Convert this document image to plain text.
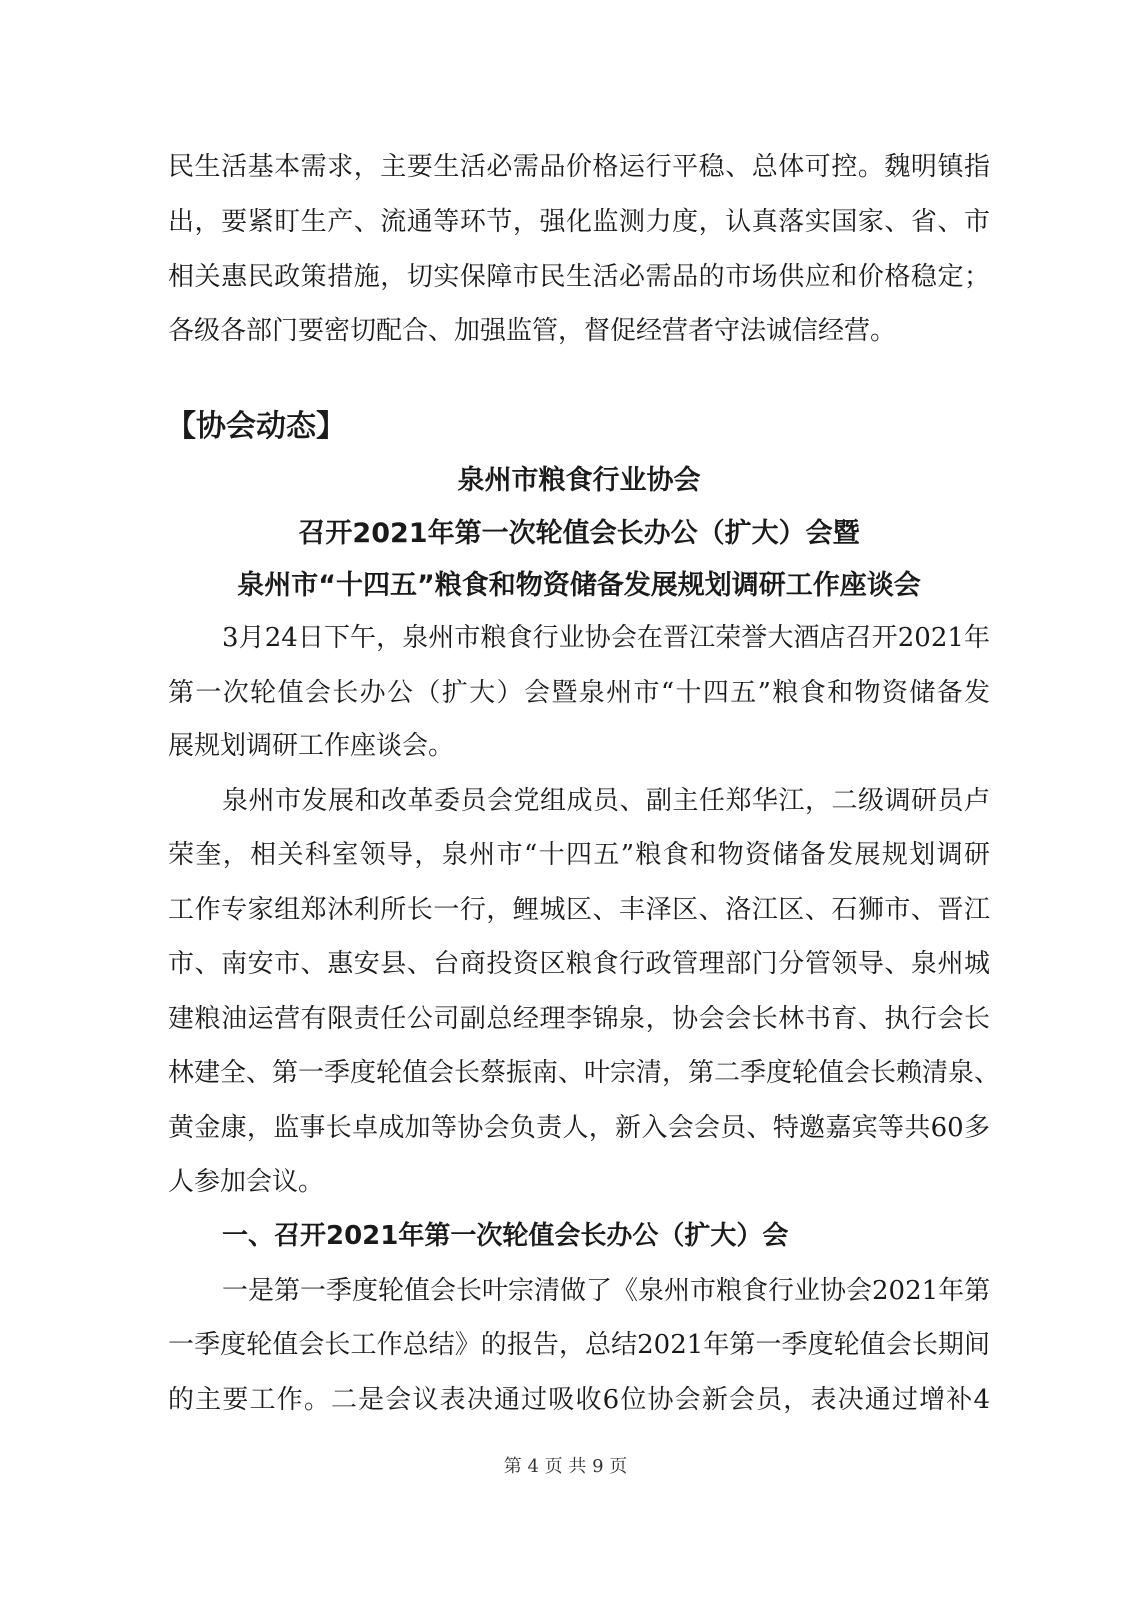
民生活基本需求，主要生活必需品价格运行平稳、总体可控。魏明镇指
出，要紧盯生产、流通等环节，强化监测力度，认真落实国家、省、市
相关惠民政策措施，切实保障市民生活必需品的市场供应和价格稳定；
各级各部门要密切配合、加强监管，督促经营者守法诚信经营。
【协会动态】
泉州市粮食行业协会
召开2021年第一次轮值会长办公（扩大）会暨
泉州市“十四五”粮食和物资储备发展规划调研工作座谈会
3月24日下午，泉州市粮食行业协会在晋江荣誉大酒店召开2021年
第一次轮值会长办公（扩大）会暨泉州市“十四五”粮食和物资储备发
展规划调研工作座谈会。
泉州市发展和改革委员会党组成员、副主任郑华江，二级调研员卢
荣奎，相关科室领导，泉州市“十四五”粮食和物资储备发展规划调研
工作专家组郑沐利所长一行，鲤城区、丰泽区、洛江区、石狮市、晋江
市、南安市、惠安县、台商投资区粮食行政管理部门分管领导、泉州城
建粮油运营有限责任公司副总经理李锦泉，协会会长林书育、执行会长
林建全、第一季度轮值会长蔡振南、叶宗清，第二季度轮值会长赖清泉、
黄金康，监事长卓成加等协会负责人，新入会会员、特邀嘉宾等共60多
人参加会议。
一、召开2021年第一次轮值会长办公（扩大）会
一是第一季度轮值会长叶宗清做了《泉州市粮食行业协会2021年第
一季度轮值会长工作总结》的报告，总结2021年第一季度轮值会长期间
的主要工作。二是会议表决通过吸收6位协会新会员，表决通过增补4
第 4 页 共 9 页
